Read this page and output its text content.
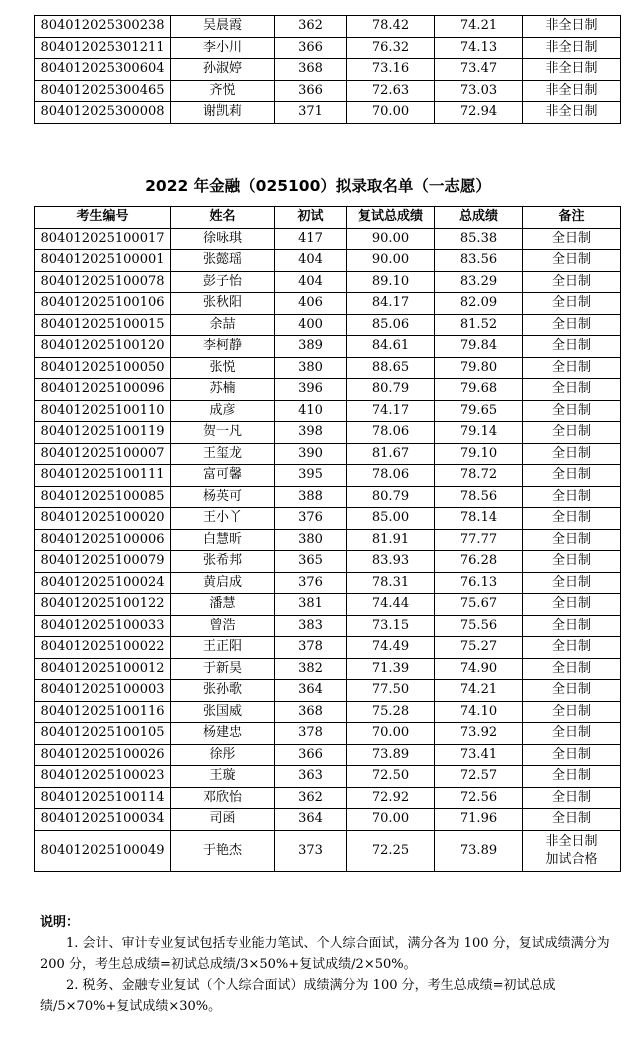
804012025300238	吴晨霞	362	78.42	74.21	非全日制
804012025301211	李小川	366	76.32	74.13	非全日制
804012025300604	孙淑婷	368	73.16	73.47	非全日制
804012025300465	齐悦	366	72.63	73.03	非全日制
804012025300008	谢凯莉	371	70.00	72.94	非全日制
2022 年金融（025100）拟录取名单（一志愿）
考生编号	姓名	初试	复试总成绩	总成绩	备注
804012025100017	徐咏琪	417	90.00	85.38	全日制
804012025100001	张懿瑶	404	90.00	83.56	全日制
804012025100078	彭子怡	404	89.10	83.29	全日制
804012025100106	张秋阳	406	84.17	82.09	全日制
804012025100015	余喆	400	85.06	81.52	全日制
804012025100120	李柯静	389	84.61	79.84	全日制
804012025100050	张悦	380	88.65	79.80	全日制
804012025100096	苏楠	396	80.79	79.68	全日制
804012025100110	成彦	410	74.17	79.65	全日制
804012025100119	贺一凡	398	78.06	79.14	全日制
804012025100007	王玺龙	390	81.67	79.10	全日制
804012025100111	富可馨	395	78.06	78.72	全日制
804012025100085	杨英可	388	80.79	78.56	全日制
804012025100020	王小丫	376	85.00	78.14	全日制
804012025100006	白慧昕	380	81.91	77.77	全日制
804012025100079	张希邦	365	83.93	76.28	全日制
804012025100024	黄启成	376	78.31	76.13	全日制
804012025100122	潘慧	381	74.44	75.67	全日制
804012025100033	曾浩	383	73.15	75.56	全日制
804012025100022	王正阳	378	74.49	75.27	全日制
804012025100012	于新昊	382	71.39	74.90	全日制
804012025100003	张孙歌	364	77.50	74.21	全日制
804012025100116	张国威	368	75.28	74.10	全日制
804012025100105	杨建忠	378	70.00	73.92	全日制
804012025100026	徐彤	366	73.89	73.41	全日制
804012025100023	王璇	363	72.50	72.57	全日制
804012025100114	邓欣怡	362	72.92	72.56	全日制
804012025100034	司函	364	70.00	71.96	全日制
804012025100049	于艳杰	373	72.25	73.89	非全日制
加试合格
说明：

1. 会计、审计专业复试包括专业能力笔试、个人综合面试，满分各为 100 分，复试成绩满分为 200 分，考生总成绩=初试总成绩/3×50%+复试成绩/2×50%。

2. 税务、金融专业复试（个人综合面试）成绩满分为 100 分，考生总成绩=初试总成绩/5×70%+复试成绩×30%。
